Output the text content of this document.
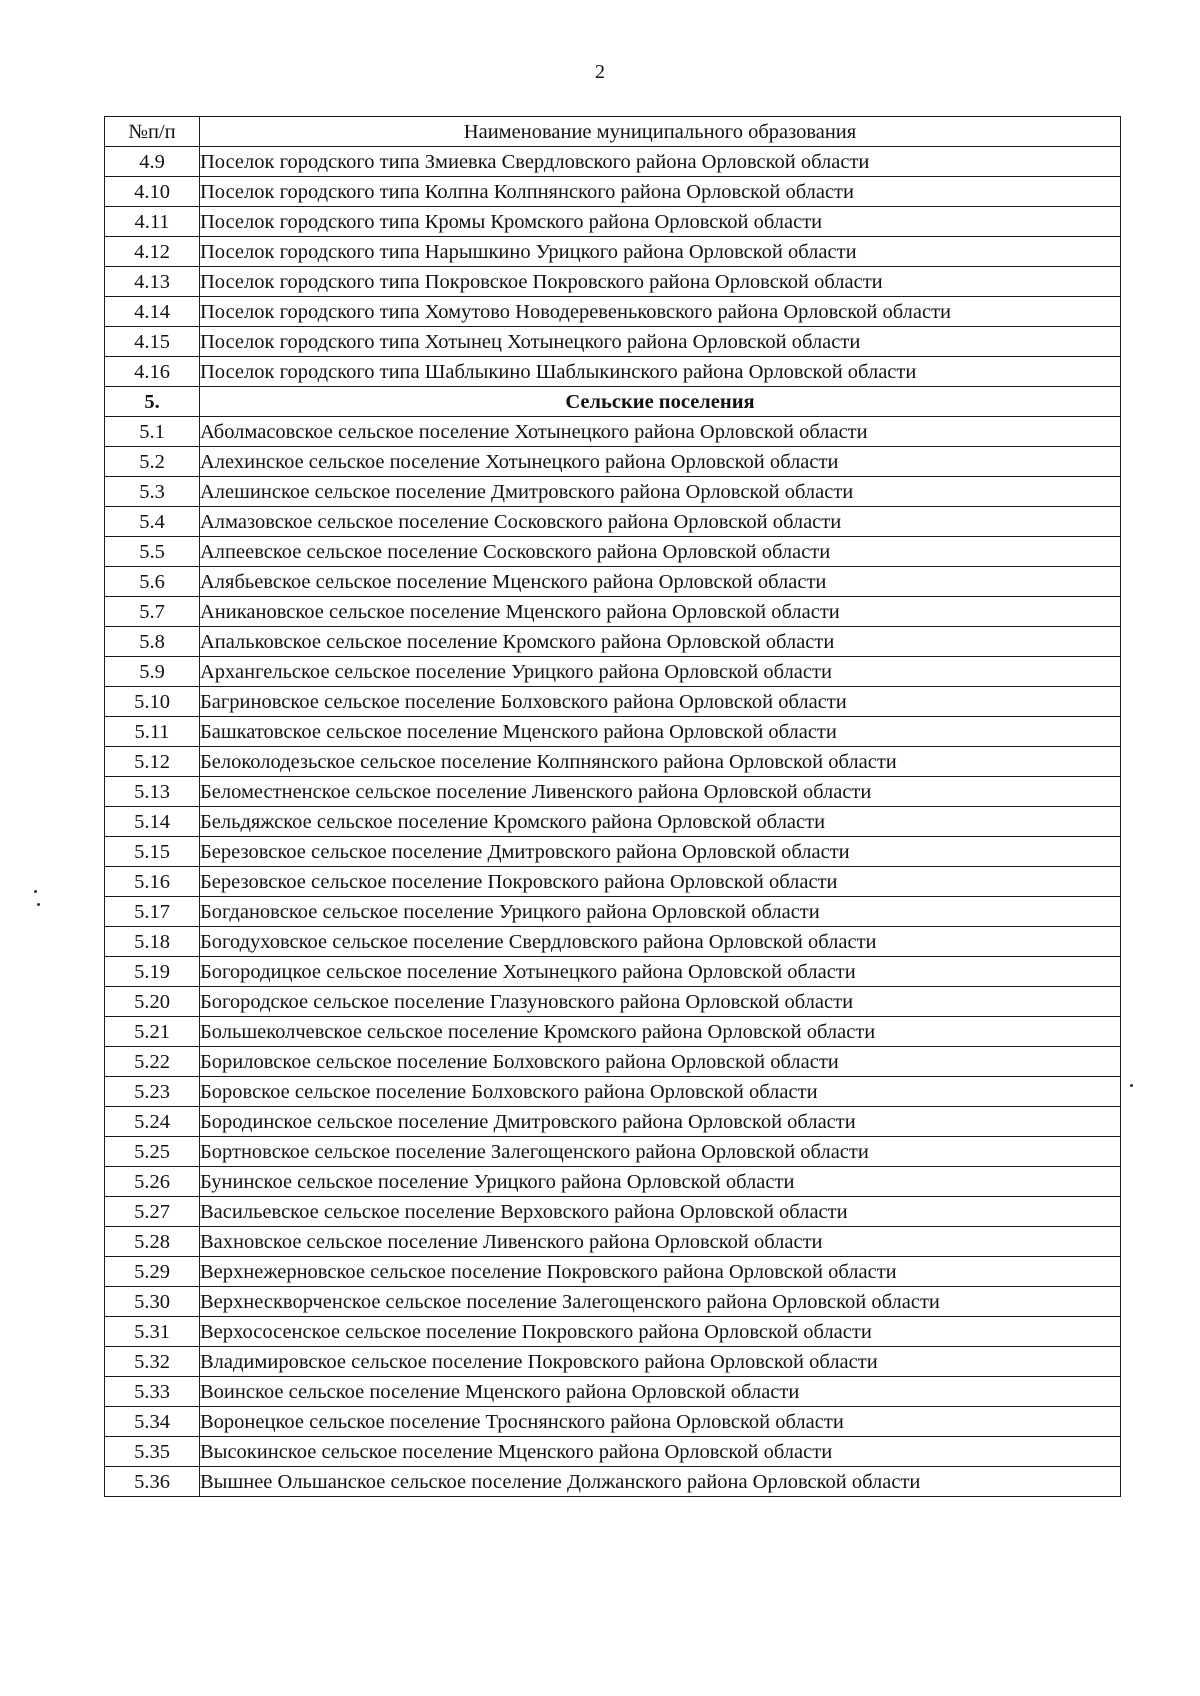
2
№п/п	Наименование муниципального образования
4.9	Поселок городского типа Змиевка Свердловского района Орловской области
4.10	Поселок городского типа Колпна Колпнянского района Орловской области
4.11	Поселок городского типа Кромы Кромского района Орловской области
4.12	Поселок городского типа Нарышкино Урицкого района Орловской области
4.13	Поселок городского типа Покровское Покровского района Орловской области
4.14	Поселок городского типа Хомутово Новодеревеньковского района Орловской области
4.15	Поселок городского типа Хотынец Хотынецкого района Орловской области
4.16	Поселок городского типа Шаблыкино Шаблыкинского района Орловской области
5.	Сельские поселения
5.1	Аболмасовское сельское поселение Хотынецкого района Орловской области
5.2	Алехинское сельское поселение Хотынецкого района Орловской области
5.3	Алешинское сельское поселение Дмитровского района Орловской области
5.4	Алмазовское сельское поселение Сосковского района Орловской области
5.5	Алпеевское сельское поселение Сосковского района Орловской области
5.6	Алябьевское сельское поселение Мценского района Орловской области
5.7	Аникановское сельское поселение Мценского района Орловской области
5.8	Апальковское сельское поселение Кромского района Орловской области
5.9	Архангельское сельское поселение Урицкого района Орловской области
5.10	Багриновское сельское поселение Болховского района Орловской области
5.11	Башкатовское сельское поселение Мценского района Орловской области
5.12	Белоколодезьское сельское поселение Колпнянского района Орловской области
5.13	Беломестненское сельское поселение Ливенского района Орловской области
5.14	Бельдяжское сельское поселение Кромского района Орловской области
5.15	Березовское сельское поселение Дмитровского района Орловской области
5.16	Березовское сельское поселение Покровского района Орловской области
5.17	Богдановское сельское поселение Урицкого района Орловской области
5.18	Богодуховское сельское поселение Свердловского района Орловской области
5.19	Богородицкое сельское поселение Хотынецкого района Орловской области
5.20	Богородское сельское поселение Глазуновского района Орловской области
5.21	Большеколчевское сельское поселение Кромского района Орловской области
5.22	Бориловское сельское поселение Болховского района Орловской области
5.23	Боровское сельское поселение Болховского района Орловской области
5.24	Бородинское сельское поселение Дмитровского района Орловской области
5.25	Бортновское сельское поселение Залегощенского района Орловской области
5.26	Бунинское сельское поселение Урицкого района Орловской области
5.27	Васильевское сельское поселение Верховского района Орловской области
5.28	Вахновское сельское поселение Ливенского района Орловской области
5.29	Верхнежерновское сельское поселение Покровского района Орловской области
5.30	Верхнескворченское сельское поселение Залегощенского района Орловской области
5.31	Верхососенское сельское поселение Покровского района Орловской области
5.32	Владимировское сельское поселение Покровского района Орловской области
5.33	Воинское сельское поселение Мценского района Орловской области
5.34	Воронецкое сельское поселение Троснянского района Орловской области
5.35	Высокинское сельское поселение Мценского района Орловской области
5.36	Вышнее Ольшанское сельское поселение Должанского района Орловской области
